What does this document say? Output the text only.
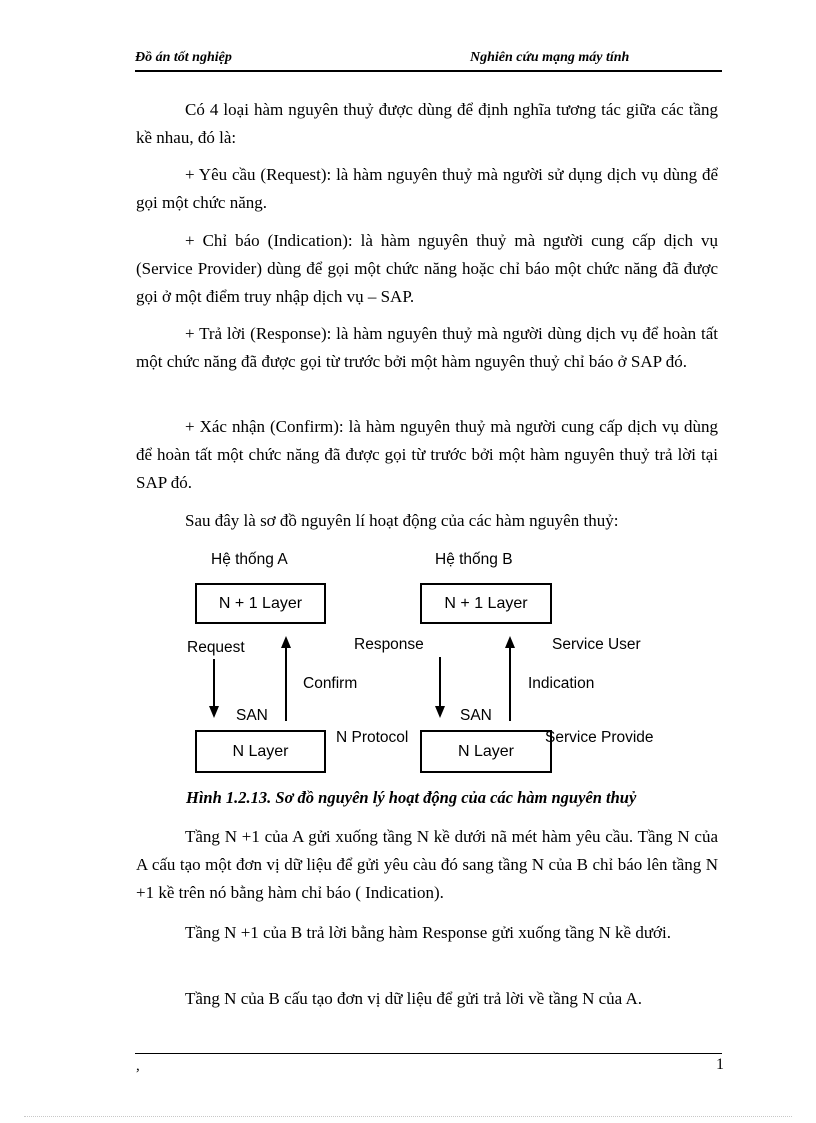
Đồ án tốt nghiệp	Nghiên cứu mạng máy tính

Có 4 loại hàm nguyên thuỷ được dùng để định nghĩa tương tác giữa các tầng kề nhau, đó là:

+ Yêu cầu (Request): là hàm nguyên thuỷ mà người sử dụng dịch vụ dùng để gọi một chức năng.

+ Chỉ báo (Indication): là hàm nguyên thuỷ mà người cung cấp dịch vụ (Service Provider) dùng để gọi một chức năng hoặc chỉ báo một chức năng đã được gọi ở một điểm truy nhập dịch vụ – SAP.

+ Trả lời (Response): là hàm nguyên thuỷ mà người dùng dịch vụ để hoàn tất một chức năng đã được gọi từ trước bởi một hàm nguyên thuỷ chỉ báo ở SAP đó.

+ Xác nhận (Confirm): là hàm nguyên thuỷ mà người cung cấp dịch vụ dùng để hoàn tất một chức năng đã được gọi từ trước bởi một hàm nguyên thuỷ trả lời tại SAP đó.

Sau đây là sơ đồ nguyên lí hoạt động của các hàm nguyên thuỷ:

Hệ thống A	Hệ thống B
N + 1 Layer	N + 1 Layer
N Layer	N Layer
Request
Confirm
Response
Indication
Service User
SAN	SAN
N Protocol	Service Provide
Hình 1.2.13. Sơ đồ nguyên lý hoạt động của các hàm nguyên thuỷ

Tầng N +1 của A gửi xuống tầng N kề dưới nã mét hàm yêu cầu. Tầng N của A cấu tạo một đơn vị dữ liệu để gửi yêu càu đó sang tầng N của B chỉ báo lên tầng N +1 kề trên nó bằng hàm chỉ báo ( Indication).

Tầng N +1 của B trả lời bằng hàm Response gửi xuống tầng N kề dưới.

Tầng N của B cấu tạo đơn vị dữ liệu để gửi trả lời về tầng N của A.

,	1
